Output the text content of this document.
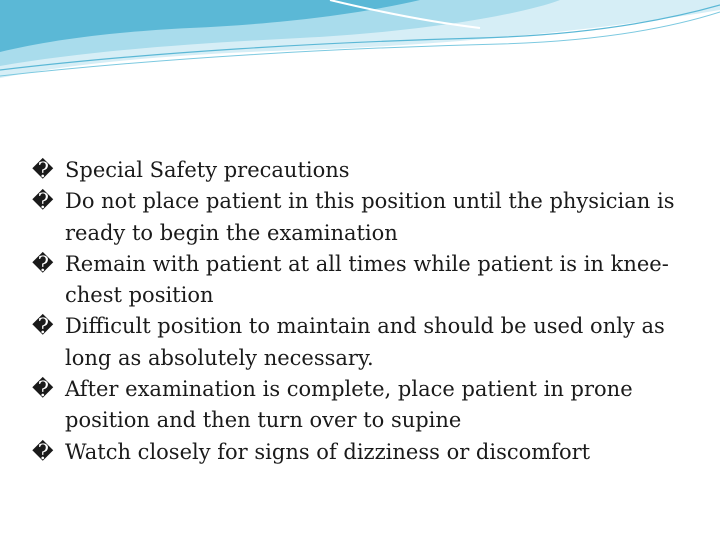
� Special Safety precautions
� Do not place patient in this position until the physician is ready to begin the examination
� Remain with patient at all times while patient is in knee-chest position
� Difficult position to maintain and should be used only as long as absolutely necessary.
� After examination is complete, place patient in prone position and then turn over to supine
� Watch closely for signs of dizziness or discomfort
